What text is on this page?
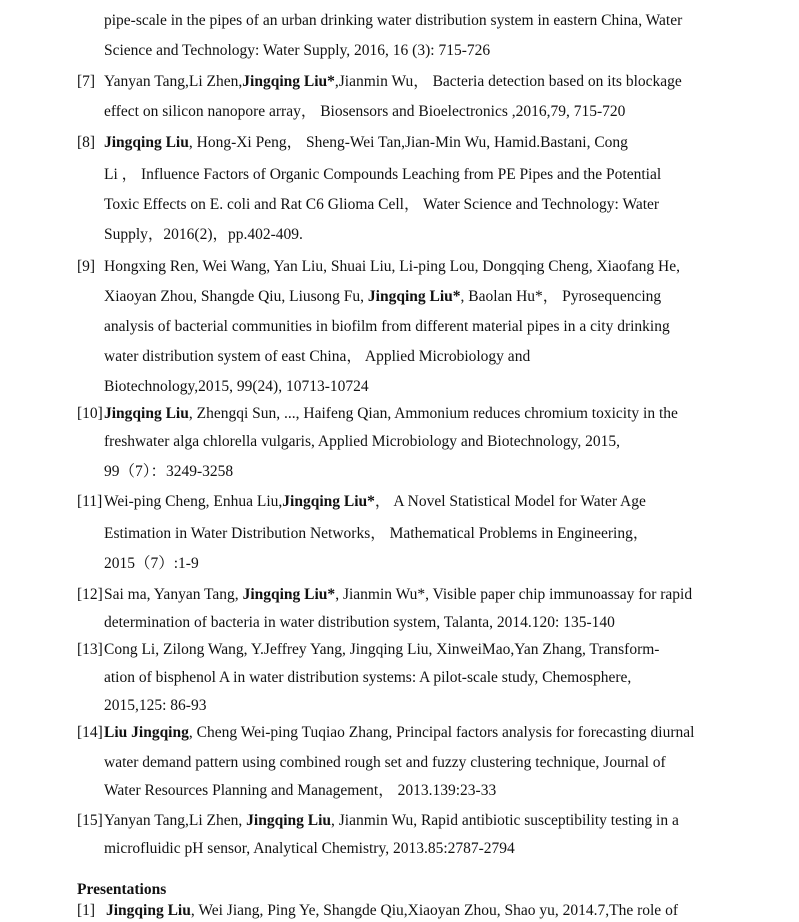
pipe-scale in the pipes of an urban drinking water distribution system in eastern China, Water
Science and Technology: Water Supply, 2016, 16 (3): 715-726
[7] Yanyan Tang,Li Zhen,Jingqing Liu*,Jianmin Wu， Bacteria detection based on its blockage
effect on silicon nanopore array， Biosensors and Bioelectronics ,2016,79, 715-720
[8] Jingqing Liu, Hong-Xi Peng， Sheng-Wei Tan,Jian-Min Wu, Hamid.Bastani, Cong
Li ， Influence Factors of Organic Compounds Leaching from PE Pipes and the Potential
Toxic Effects on E. coli and Rat C6 Glioma Cell， Water Science and Technology: Water
Supply，2016(2)，pp.402-409.
[9] Hongxing Ren, Wei Wang, Yan Liu, Shuai Liu, Li-ping Lou, Dongqing Cheng, Xiaofang He,
Xiaoyan Zhou, Shangde Qiu, Liusong Fu, Jingqing Liu*, Baolan Hu*， Pyrosequencing
analysis of bacterial communities in biofilm from different material pipes in a city drinking
water distribution system of east China， Applied Microbiology and
Biotechnology,2015, 99(24), 10713-10724
[10] Jingqing Liu, Zhengqi Sun, ..., Haifeng Qian, Ammonium reduces chromium toxicity in the
freshwater alga chlorella vulgaris, Applied Microbiology and Biotechnology, 2015,
99（7）：3249-3258
[11] Wei-ping Cheng, Enhua Liu,Jingqing Liu*， A Novel Statistical Model for Water Age
Estimation in Water Distribution Networks， Mathematical Problems in Engineering，
2015（7）:1-9
[12] Sai ma, Yanyan Tang, Jingqing Liu*, Jianmin Wu*, Visible paper chip immunoassay for rapid
determination of bacteria in water distribution system, Talanta, 2014.120: 135-140
[13] Cong Li, Zilong Wang, Y.Jeffrey Yang, Jingqing Liu, XinweiMao,Yan Zhang, Transform-
ation of bisphenol A in water distribution systems: A pilot-scale study, Chemosphere,
2015,125: 86-93
[14] Liu Jingqing, Cheng Wei-ping Tuqiao Zhang, Principal factors analysis for forecasting diurnal
water demand pattern using combined rough set and fuzzy clustering technique, Journal of
Water Resources Planning and Management， 2013.139:23-33
[15] Yanyan Tang,Li Zhen, Jingqing Liu, Jianmin Wu, Rapid antibiotic susceptibility testing in a
microfluidic pH sensor, Analytical Chemistry, 2013.85:2787-2794
Presentations
[1] Jingqing Liu, Wei Jiang, Ping Ye, Shangde Qiu,Xiaoyan Zhou, Shao yu, 2014.7,The role of
